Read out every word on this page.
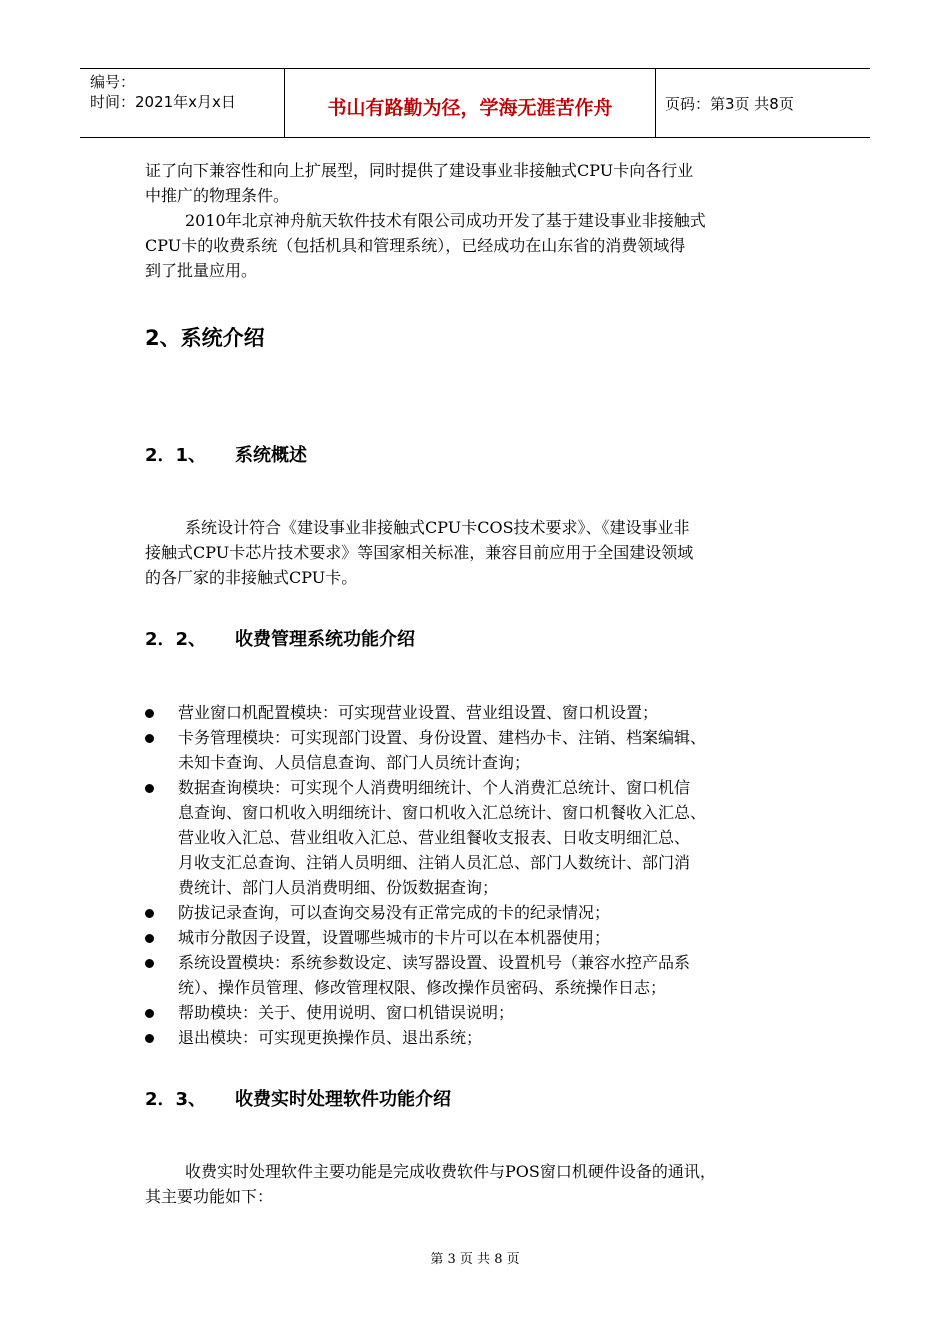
编号：
时间：2021年x月x日	书山有路勤为径，学海无涯苦作舟	页码：第3页 共8页
证了向下兼容性和向上扩展型，同时提供了建设事业非接触式CPU卡向各行业
中推广的物理条件。
2010年北京神舟航天软件技术有限公司成功开发了基于建设事业非接触式
CPU卡的收费系统（包括机具和管理系统），已经成功在山东省的消费领域得
到了批量应用。
2、系统介绍
2．1、 系统概述
系统设计符合《建设事业非接触式CPU卡COS技术要求》、《建设事业非
接触式CPU卡芯片技术要求》等国家相关标准，兼容目前应用于全国建设领域
的各厂家的非接触式CPU卡。
2．2、 收费管理系统功能介绍
营业窗口机配置模块：可实现营业设置、营业组设置、窗口机设置；
卡务管理模块：可实现部门设置、身份设置、建档办卡、注销、档案编辑、
未知卡查询、人员信息查询、部门人员统计查询；
数据查询模块：可实现个人消费明细统计、个人消费汇总统计、窗口机信
息查询、窗口机收入明细统计、窗口机收入汇总统计、窗口机餐收入汇总、
营业收入汇总、营业组收入汇总、营业组餐收支报表、日收支明细汇总、
月收支汇总查询、注销人员明细、注销人员汇总、部门人数统计、部门消
费统计、部门人员消费明细、份饭数据查询；
防拔记录查询，可以查询交易没有正常完成的卡的纪录情况；
城市分散因子设置，设置哪些城市的卡片可以在本机器使用；
系统设置模块：系统参数设定、读写器设置、设置机号（兼容水控产品系
统）、操作员管理、修改管理权限、修改操作员密码、系统操作日志；
帮助模块：关于、使用说明、窗口机错误说明；
退出模块：可实现更换操作员、退出系统；
2．3、 收费实时处理软件功能介绍
收费实时处理软件主要功能是完成收费软件与POS窗口机硬件设备的通讯，
其主要功能如下：
第 3 页 共 8 页
